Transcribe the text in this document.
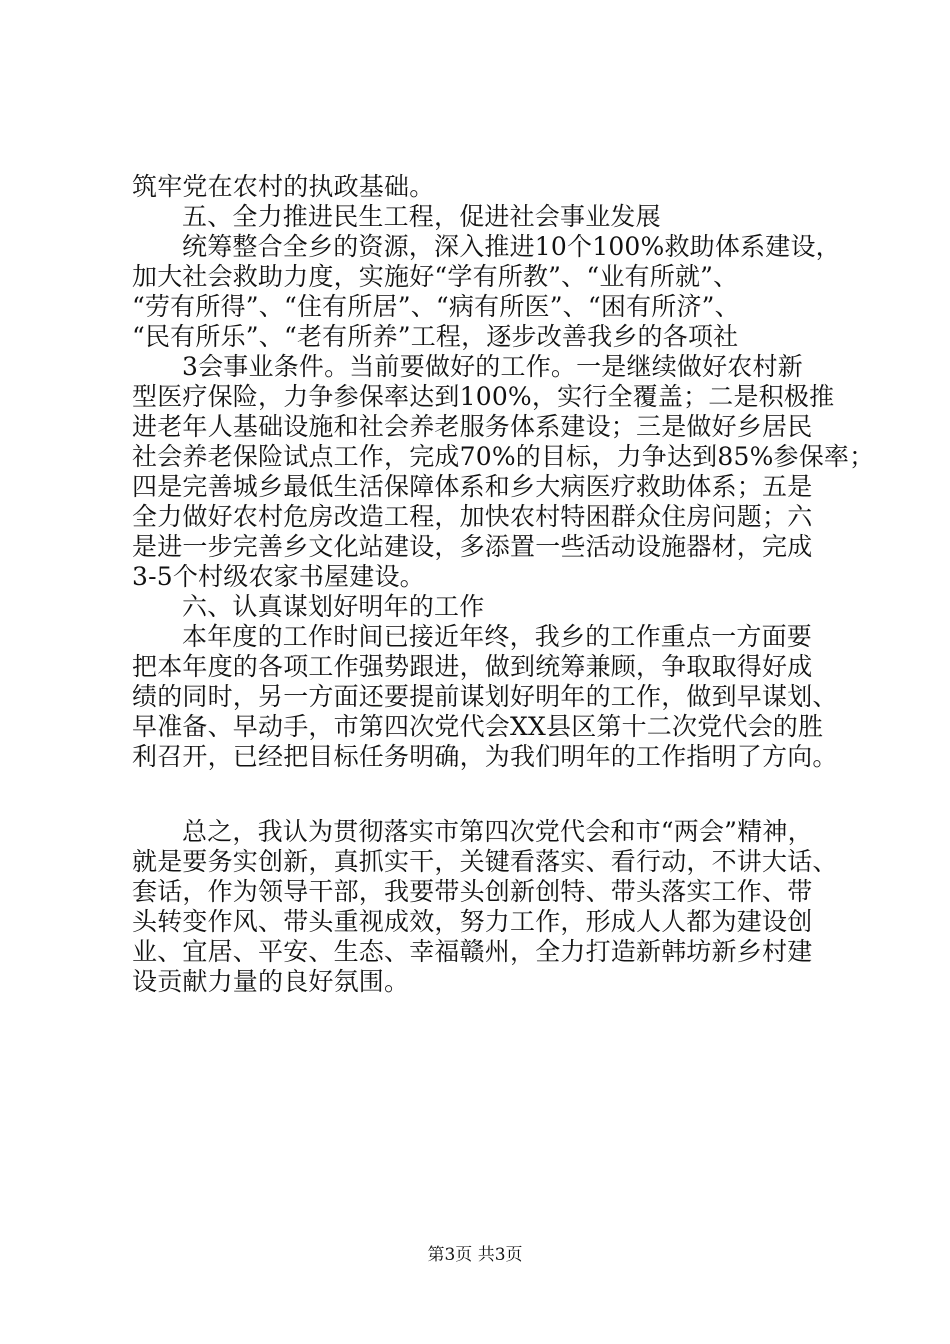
筑牢党在农村的执政基础。
五、全力推进民生工程，促进社会事业发展
统筹整合全乡的资源，深入推进10个100%救助体系建设，
加大社会救助力度，实施好“学有所教”、“业有所就”、
“劳有所得”、“住有所居”、“病有所医”、“困有所济”、
“民有所乐”、“老有所养”工程，逐步改善我乡的各项社
3会事业条件。当前要做好的工作。一是继续做好农村新
型医疗保险，力争参保率达到100%，实行全覆盖；二是积极推
进老年人基础设施和社会养老服务体系建设；三是做好乡居民
社会养老保险试点工作，完成70%的目标，力争达到85%参保率；
四是完善城乡最低生活保障体系和乡大病医疗救助体系；五是
全力做好农村危房改造工程，加快农村特困群众住房问题；六
是进一步完善乡文化站建设，多添置一些活动设施器材，完成
3-5个村级农家书屋建设。
六、认真谋划好明年的工作
本年度的工作时间已接近年终，我乡的工作重点一方面要
把本年度的各项工作强势跟进，做到统筹兼顾，争取取得好成
绩的同时，另一方面还要提前谋划好明年的工作，做到早谋划、
早准备、早动手，市第四次党代会XX县区第十二次党代会的胜
利召开，已经把目标任务明确，为我们明年的工作指明了方向。
总之，我认为贯彻落实市第四次党代会和市“两会”精神，
就是要务实创新，真抓实干，关键看落实、看行动，不讲大话、
套话，作为领导干部，我要带头创新创特、带头落实工作、带
头转变作风、带头重视成效，努力工作，形成人人都为建设创
业、宜居、平安、生态、幸福赣州，全力打造新韩坊新乡村建
设贡献力量的良好氛围。
第3页 共3页
